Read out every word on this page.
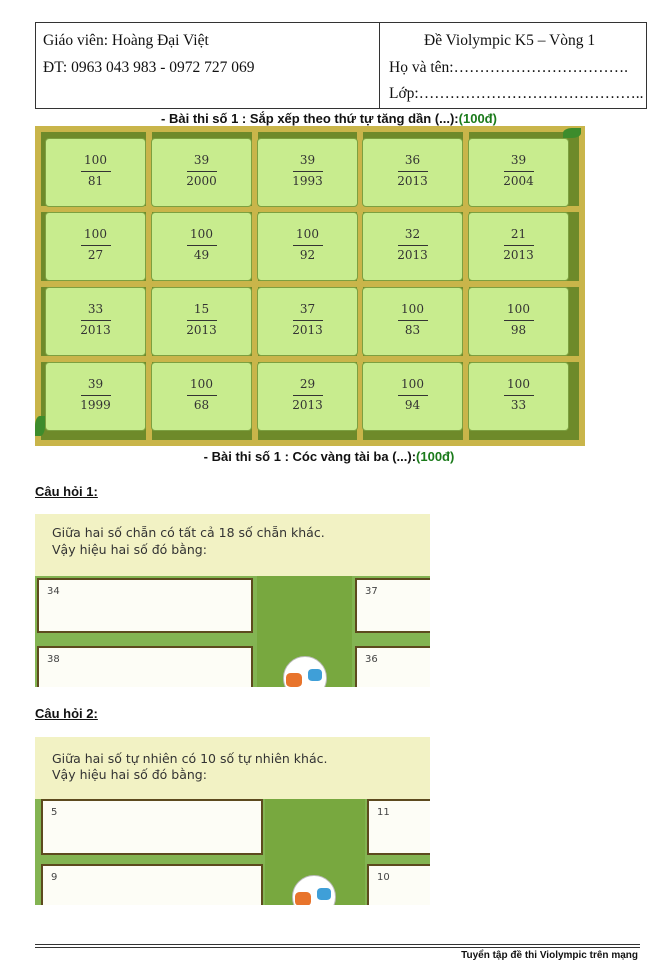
Giáo viên: Hoàng Đại Việt
ĐT: 0963 043 983 - 0972 727 069
Đề Violympic K5 – Vòng 1
Họ và tên:…………………………….
Lớp:……………………………………..
- Bài thi số 1 : Sắp xếp theo thứ tự tăng dần (...):(100đ)
100
81
39
2000
39
1993
36
2013
39
2004
100
27
100
49
100
92
32
2013
21
2013
33
2013
15
2013
37
2013
100
83
100
98
39
1999
100
68
29
2013
100
94
100
33
- Bài thi số 1 : Cóc vàng tài ba (...):(100đ)
Câu hỏi 1:
Giữa hai số chẵn có tất cả 18 số chẵn khác.
Vậy hiệu hai số đó bằng:
34	37
38	36
Câu hỏi 2:
Giữa hai số tự nhiên có 10 số tự nhiên khác.
Vậy hiệu hai số đó bằng:
5	11
9	10
Tuyển tập đề thi Violympic trên mạng
